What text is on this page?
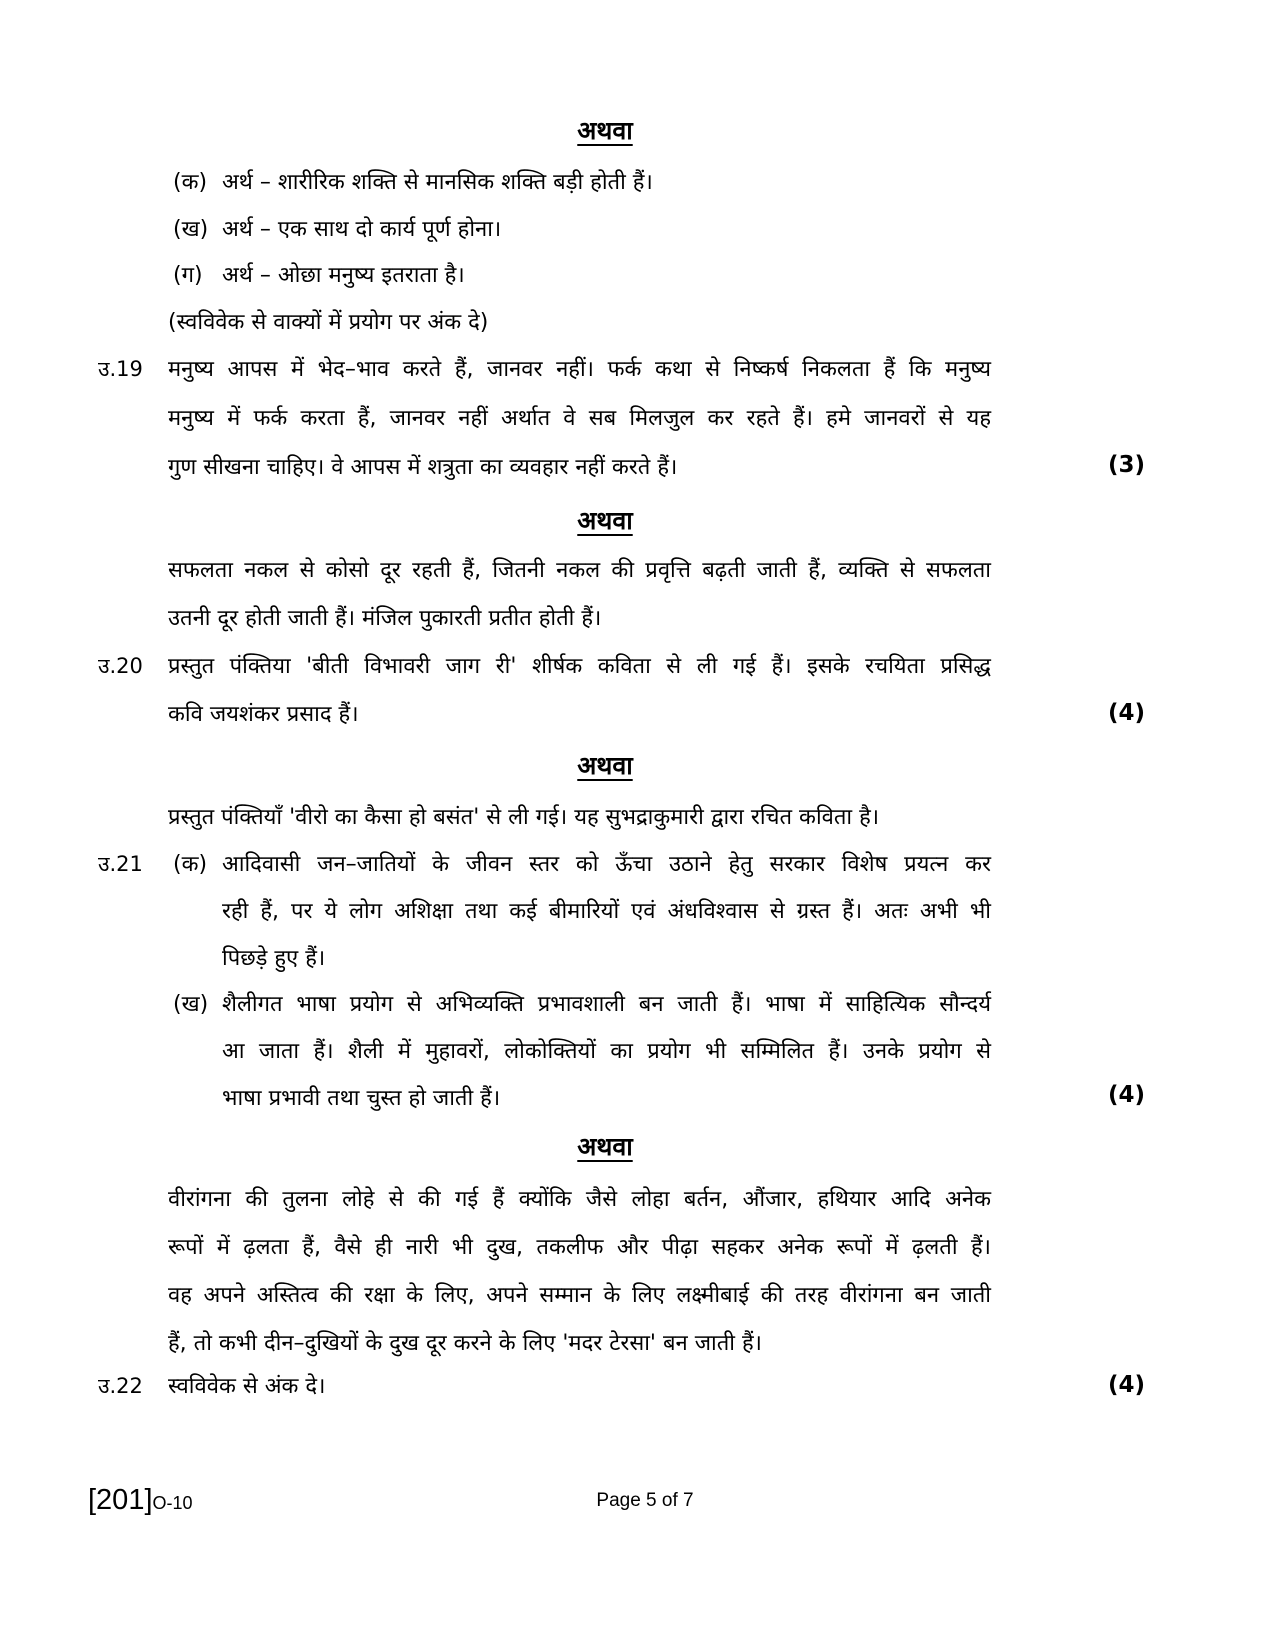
अथवा
(क) अर्थ – शारीरिक शक्ति से मानसिक शक्ति बड़ी होती हैं।
(ख) अर्थ – एक साथ दो कार्य पूर्ण होना।
(ग) अर्थ – ओछा मनुष्य इतराता है।
(स्वविवेक से वाक्यों में प्रयोग पर अंक दे)
उ.19 मनुष्य आपस में भेद–भाव करते हैं, जानवर नहीं। फर्क कथा से निष्कर्ष निकलता हैं कि मनुष्य
मनुष्य में फर्क करता हैं, जानवर नहीं अर्थात वे सब मिलजुल कर रहते हैं। हमे जानवरों से यह
गुण सीखना चाहिए। वे आपस में शत्रुता का व्यवहार नहीं करते हैं।	(3)
अथवा
सफलता नकल से कोसो दूर रहती हैं, जितनी नकल की प्रवृत्ति बढ़ती जाती हैं, व्यक्ति से सफलता
उतनी दूर होती जाती हैं। मंजिल पुकारती प्रतीत होती हैं।
उ.20 प्रस्तुत पंक्तिया 'बीती विभावरी जाग री' शीर्षक कविता से ली गई हैं। इसके रचयिता प्रसिद्ध
कवि जयशंकर प्रसाद हैं।	(4)
अथवा
प्रस्तुत पंक्तियाँ 'वीरो का कैसा हो बसंत' से ली गई। यह सुभद्राकुमारी द्वारा रचित कविता है।
उ.21 (क) आदिवासी जन–जातियों के जीवन स्तर को ऊँचा उठाने हेतु सरकार विशेष प्रयत्न कर
रही हैं, पर ये लोग अशिक्षा तथा कई बीमारियों एवं अंधविश्वास से ग्रस्त हैं। अतः अभी भी
पिछड़े हुए हैं।
(ख) शैलीगत भाषा प्रयोग से अभिव्यक्ति प्रभावशाली बन जाती हैं। भाषा में साहित्यिक सौन्दर्य
आ जाता हैं। शैली में मुहावरों, लोकोक्तियों का प्रयोग भी सम्मिलित हैं। उनके प्रयोग से
भाषा प्रभावी तथा चुस्त हो जाती हैं।	(4)
अथवा
वीरांगना की तुलना लोहे से की गई हैं क्योंकि जैसे लोहा बर्तन, औंजार, हथियार आदि अनेक
रूपों में ढ़लता हैं, वैसे ही नारी भी दुख, तकलीफ और पीढ़ा सहकर अनेक रूपों में ढ़लती हैं।
वह अपने अस्तित्व की रक्षा के लिए, अपने सम्मान के लिए लक्ष्मीबाई की तरह वीरांगना बन जाती
हैं, तो कभी दीन–दुखियों के दुख दूर करने के लिए 'मदर टेरसा' बन जाती हैं।
उ.22 स्वविवेक से अंक दे।	(4)
[201]O-10	Page 5 of 7
